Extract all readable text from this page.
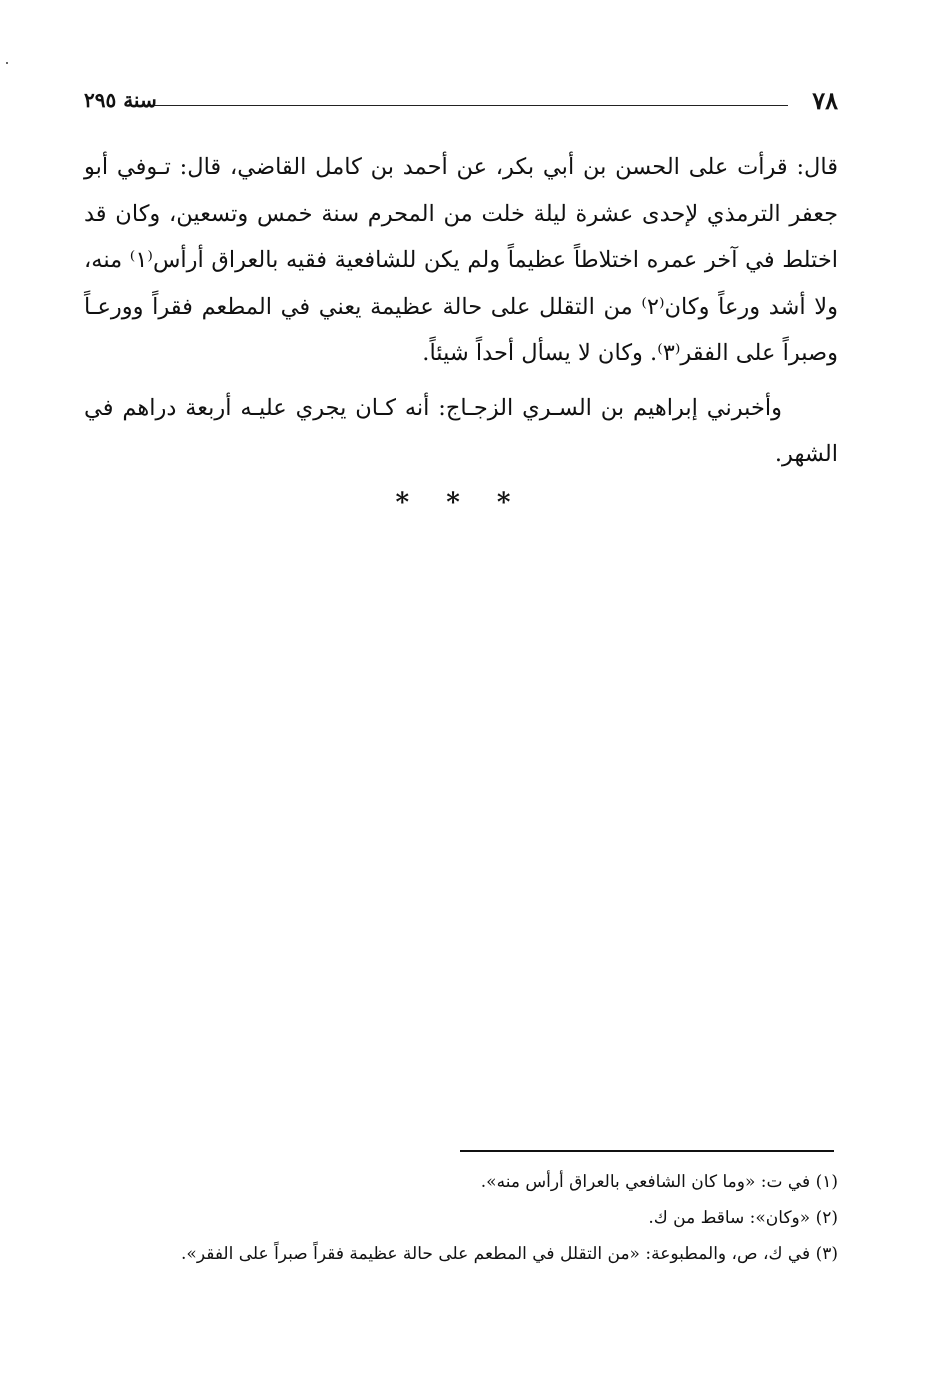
٧٨
سنة ٢٩٥

قال: قرأت على الحسن بن أبي بكر، عن أحمد بن كامل القاضي، قال: تـوفي أبو جعفر الترمذي لإحدى عشرة ليلة خلت من المحرم سنة خمس وتسعين، وكان قد اختلط في آخر عمره اختلاطاً عظيماً ولم يكن للشافعية فقيه بالعراق أرأس⁽١⁾ منه، ولا أشد ورعاً وكان⁽٢⁾ من التقلل على حالة عظيمة يعني في المطعم فقراً وورعـاً وصبراً على الفقر⁽٣⁾. وكان لا يسأل أحداً شيئاً.

وأخبرني إبراهيم بن السـري الزجـاج: أنه كـان يجري عليـه أربعة دراهم في الشهر.

* * *
(١) في ت: «وما كان الشافعي بالعراق أرأس منه».
(٢) «وكان»: ساقط من ك.
(٣) في ك، ص، والمطبوعة: «من التقلل في المطعم على حالة عظيمة فقراً صبراً على الفقر».
